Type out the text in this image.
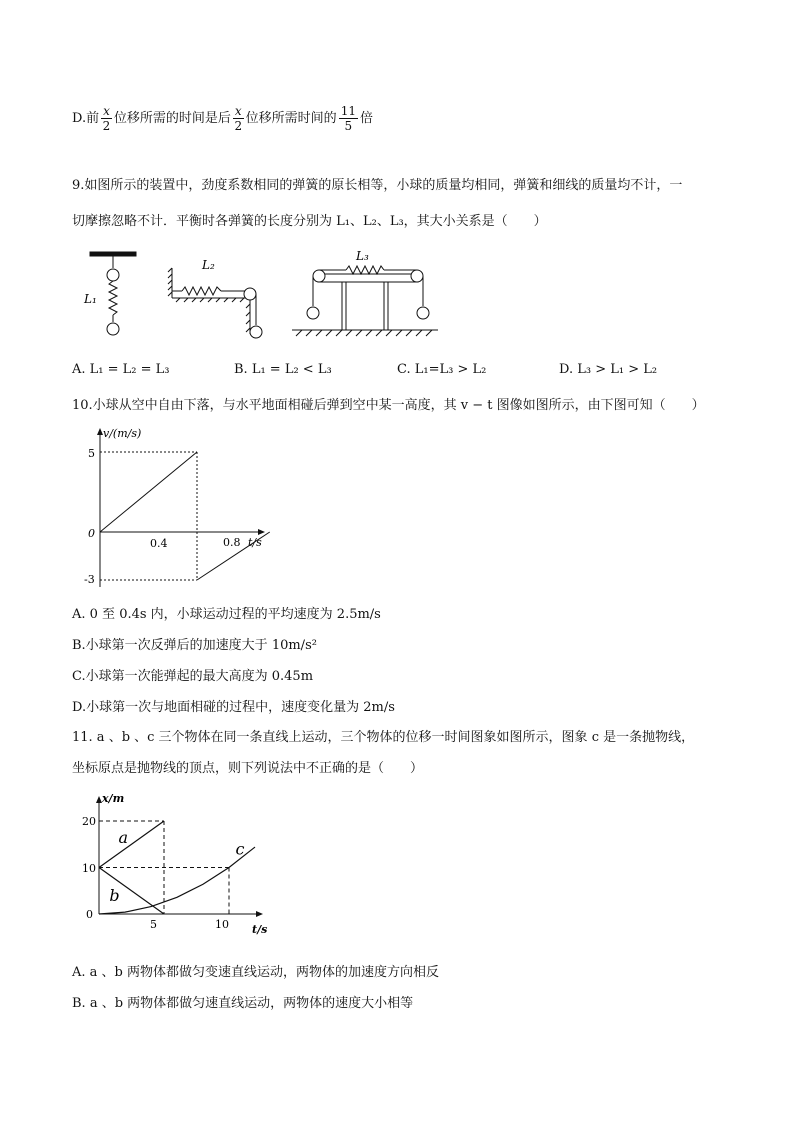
D.前 $\frac{x}{2}$ 位移所需的时间是后 $\frac{x}{2}$ 位移所需时间的 $\frac{11}{5}$ 倍
9.如图所示的装置中，劲度系数相同的弹簧的原长相等，小球的质量均相同，弹簧和细线的质量均不计，一
切摩擦忽略不计．平衡时各弹簧的长度分别为 L₁、L₂、L₃，其大小关系是（　　）
L₁
L₂
L₃
A. L₁ = L₂ = L₃	B. L₁ = L₂ < L₃	C. L₁=L₃ > L₂	D. L₃ > L₁ > L₂
10.小球从空中自由下落，与水平地面相碰后弹到空中某一高度，其 v − t 图像如图所示，由下图可知（　　）
v/(m/s)
t/s
5
0
-3
0.4	0.8
A. 0 至 0.4s 内，小球运动过程的平均速度为 2.5m/s
B.小球第一次反弹后的加速度大于 10m/s²
C.小球第一次能弹起的最大高度为 0.45m
D.小球第一次与地面相碰的过程中，速度变化量为 2m/s
11. a 、b 、c 三个物体在同一条直线上运动，三个物体的位移一时间图象如图所示，图象 c 是一条抛物线，
坐标原点是抛物线的顶点，则下列说法中不正确的是（　　）
x/m
t/s
20
10
0
5	10
a
b
c
A. a 、b 两物体都做匀变速直线运动，两物体的加速度方向相反
B. a 、b 两物体都做匀速直线运动，两物体的速度大小相等
